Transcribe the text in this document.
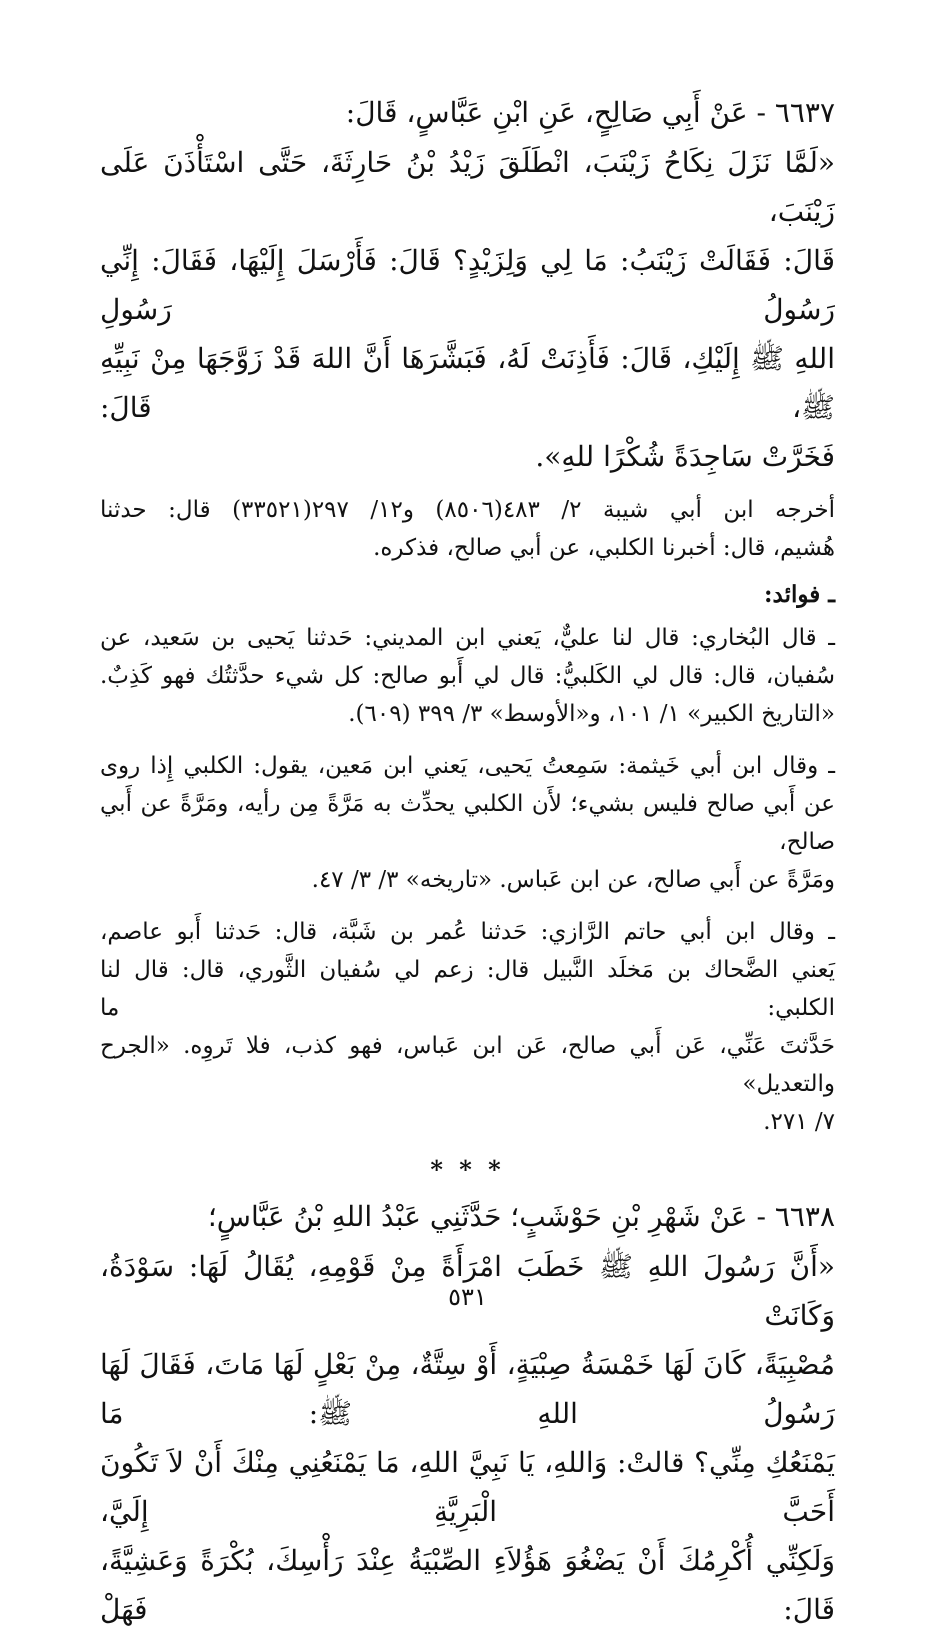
٦٦٣٧ - عَنْ أَبِي صَالِحٍ، عَنِ ابْنِ عَبَّاسٍ، قَالَ:

«لَمَّا نَزَلَ نِكَاحُ زَيْنَبَ، انْطَلَقَ زَيْدُ بْنُ حَارِثَةَ، حَتَّى اسْتَأْذَنَ عَلَى زَيْنَبَ،
قَالَ: فَقَالَتْ زَيْنَبُ: مَا لِي وَلِزَيْدٍ؟ قَالَ: فَأَرْسَلَ إِلَيْهَا، فَقَالَ: إِنِّي رَسُولُ رَسُولِ
اللهِ ﷺ إِلَيْكِ، قَالَ: فَأَذِنَتْ لَهُ، فَبَشَّرَهَا أَنَّ اللهَ قَدْ زَوَّجَهَا مِنْ نَبِيِّهِ ﷺ، قَالَ:
فَخَرَّتْ سَاجِدَةً شُكْرًا للهِ».

أخرجه ابن أبي شيبة ٢/ ٤٨٣(٨٥٠٦) و١٢/ ٢٩٧(٣٣٥٢١) قال: حدثنا
هُشيم، قال: أخبرنا الكلبي، عن أبي صالح، فذكره.

ـ فوائد:

ـ قال البُخاري: قال لنا عليٌّ، يَعني ابن المديني: حَدثنا يَحيى بن سَعيد، عن
سُفيان، قال: قال لي الكَلبيُّ: قال لي أَبو صالح: كل شيء حدَّثتُك فهو كَذِبٌ.
«التاريخ الكبير» ١/ ١٠١، و«الأوسط» ٣/ ٣٩٩ (٦٠٩).

ـ وقال ابن أبي خَيثمة: سَمِعتُ يَحيى، يَعني ابن مَعين، يقول: الكلبي إِذا روى
عن أَبي صالح فليس بشيء؛ لأَن الكلبي يحدِّث به مَرَّةً مِن رأيه، ومَرَّةً عن أَبي صالح،
ومَرَّةً عن أَبي صالح، عن ابن عَباس. «تاريخه» ٣/ ٣/ ٤٧.

ـ وقال ابن أبي حاتم الرَّازي: حَدثنا عُمر بن شَبَّة، قال: حَدثنا أَبو عاصم،
يَعني الضَّحاك بن مَخلَد النَّبيل قال: زعم لي سُفيان الثَّوري، قال: قال لنا الكلبي: ما
حَدَّثتَ عَنِّي، عَن أَبي صالح، عَن ابن عَباس، فهو كذب، فلا تَروِه. «الجرح والتعديل»
٧/ ٢٧١.

* * *

٦٦٣٨ - عَنْ شَهْرِ بْنِ حَوْشَبٍ؛ حَدَّثَنِي عَبْدُ اللهِ بْنُ عَبَّاسٍ؛

«أَنَّ رَسُولَ اللهِ ﷺ خَطَبَ امْرَأَةً مِنْ قَوْمِهِ، يُقَالُ لَهَا: سَوْدَةُ، وَكَانَتْ
مُصْبِيَةً، كَانَ لَهَا خَمْسَةُ صِبْيَةٍ، أَوْ سِتَّةٌ، مِنْ بَعْلٍ لَهَا مَاتَ، فَقَالَ لَهَا رَسُولُ اللهِ ﷺ: مَا
يَمْنَعُكِ مِنِّي؟ قالتْ: وَاللهِ، يَا نَبِيَّ اللهِ، مَا يَمْنَعُنِي مِنْكَ أَنْ لاَ تَكُونَ أَحَبَّ الْبَرِيَّةِ إِلَيَّ،
وَلَكِنِّي أُكْرِمُكَ أَنْ يَضْغُوَ هَؤُلاَءِ الصِّبْيَةُ عِنْدَ رَأْسِكَ، بُكْرَةً وَعَشِيَّةً، قَالَ: فَهَلْ

٥٣١
